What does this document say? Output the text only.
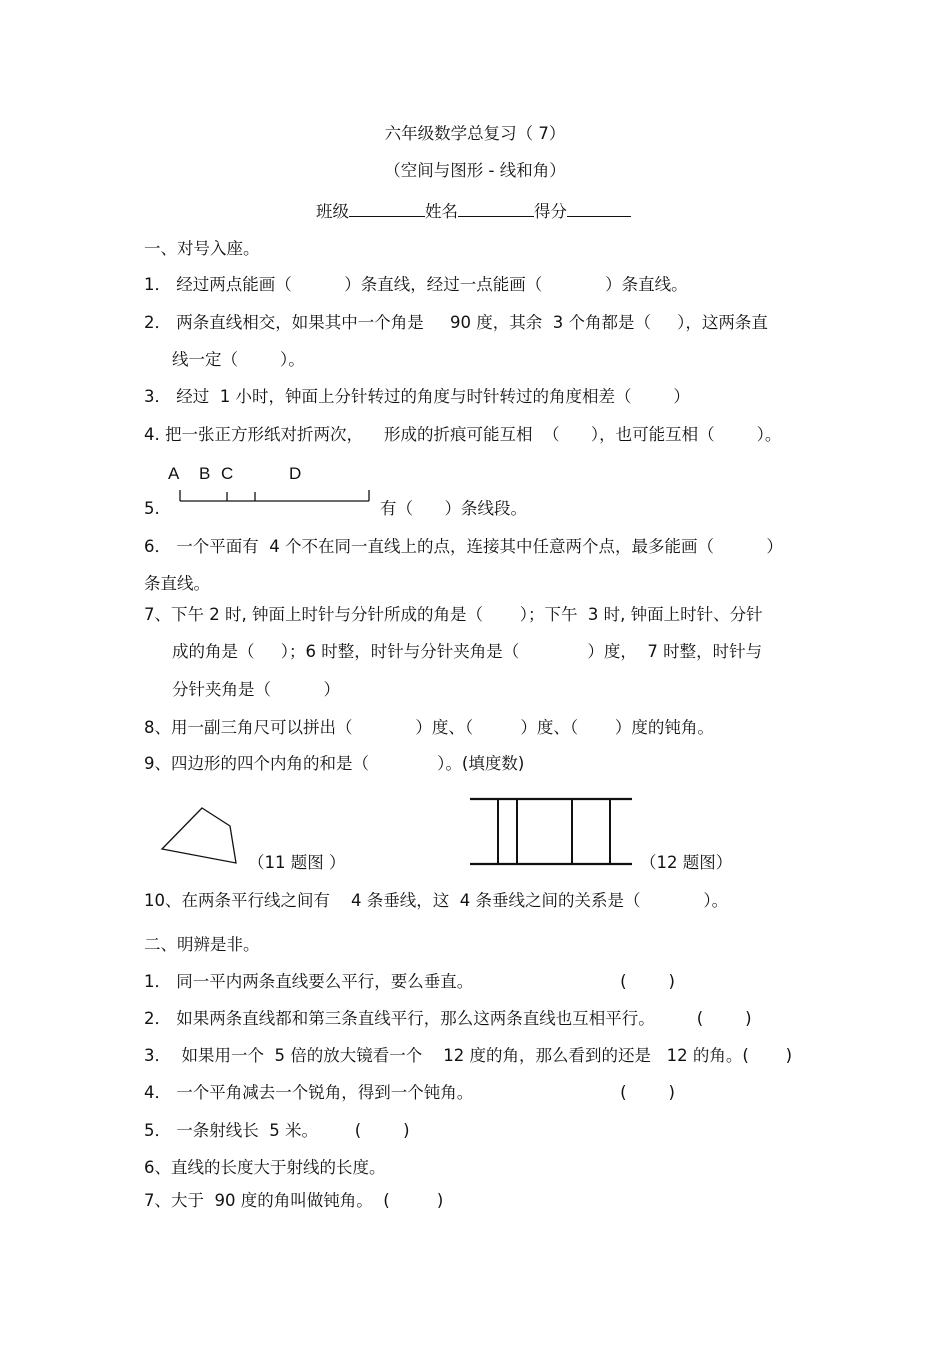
六年级数学总复习（ 7）
（空间与图形 - 线和角）
班级	姓名	得分
一、对号入座。
1． 经过两点能画（          ）条直线，经过一点能画（            ）条直线。
2． 两条直线相交，如果其中一个角是     90 度，其余  3 个角都是（     ），这两条直
线一定（        ）。
3． 经过  1 小时，钟面上分针转过的角度与时针转过的角度相差（        ）
4. 把一张正方形纸对折两次，    形成的折痕可能互相  （      ），也可能互相（        ）。
A B C	D
5.	有（      ）条线段。
6． 一个平面有  4 个不在同一直线上的点，连接其中任意两个点，最多能画（          ）
条直线。
7、下午 2 时, 钟面上时针与分针所成的角是（       ）；下午  3 时, 钟面上时针、分针
成的角是（     ）；6 时整，时针与分针夹角是（             ）度，  7 时整，时针与
分针夹角是（          ）
8、用一副三角尺可以拼出（            ）度、（         ）度、（       ）度的钝角。
9、四边形的四个内角的和是（             ）。(填度数)
（11 题图 ）	（12 题图）
10、在两条平行线之间有    4 条垂线，这  4 条垂线之间的关系是（            ）。
二、明辨是非。
1． 同一平内两条直线要么平行，要么垂直。                            (        )
2． 如果两条直线都和第三条直线平行，那么这两条直线也互相平行。        (        )
3．  如果用一个  5 倍的放大镜看一个    12 度的角，那么看到的还是   12 的角。(       )
4． 一个平角减去一个锐角，得到一个钝角。                            (        )
5． 一条射线长  5 米。       (        )
6、直线的长度大于射线的长度。
7、大于  90 度的角叫做钝角。  (         )
